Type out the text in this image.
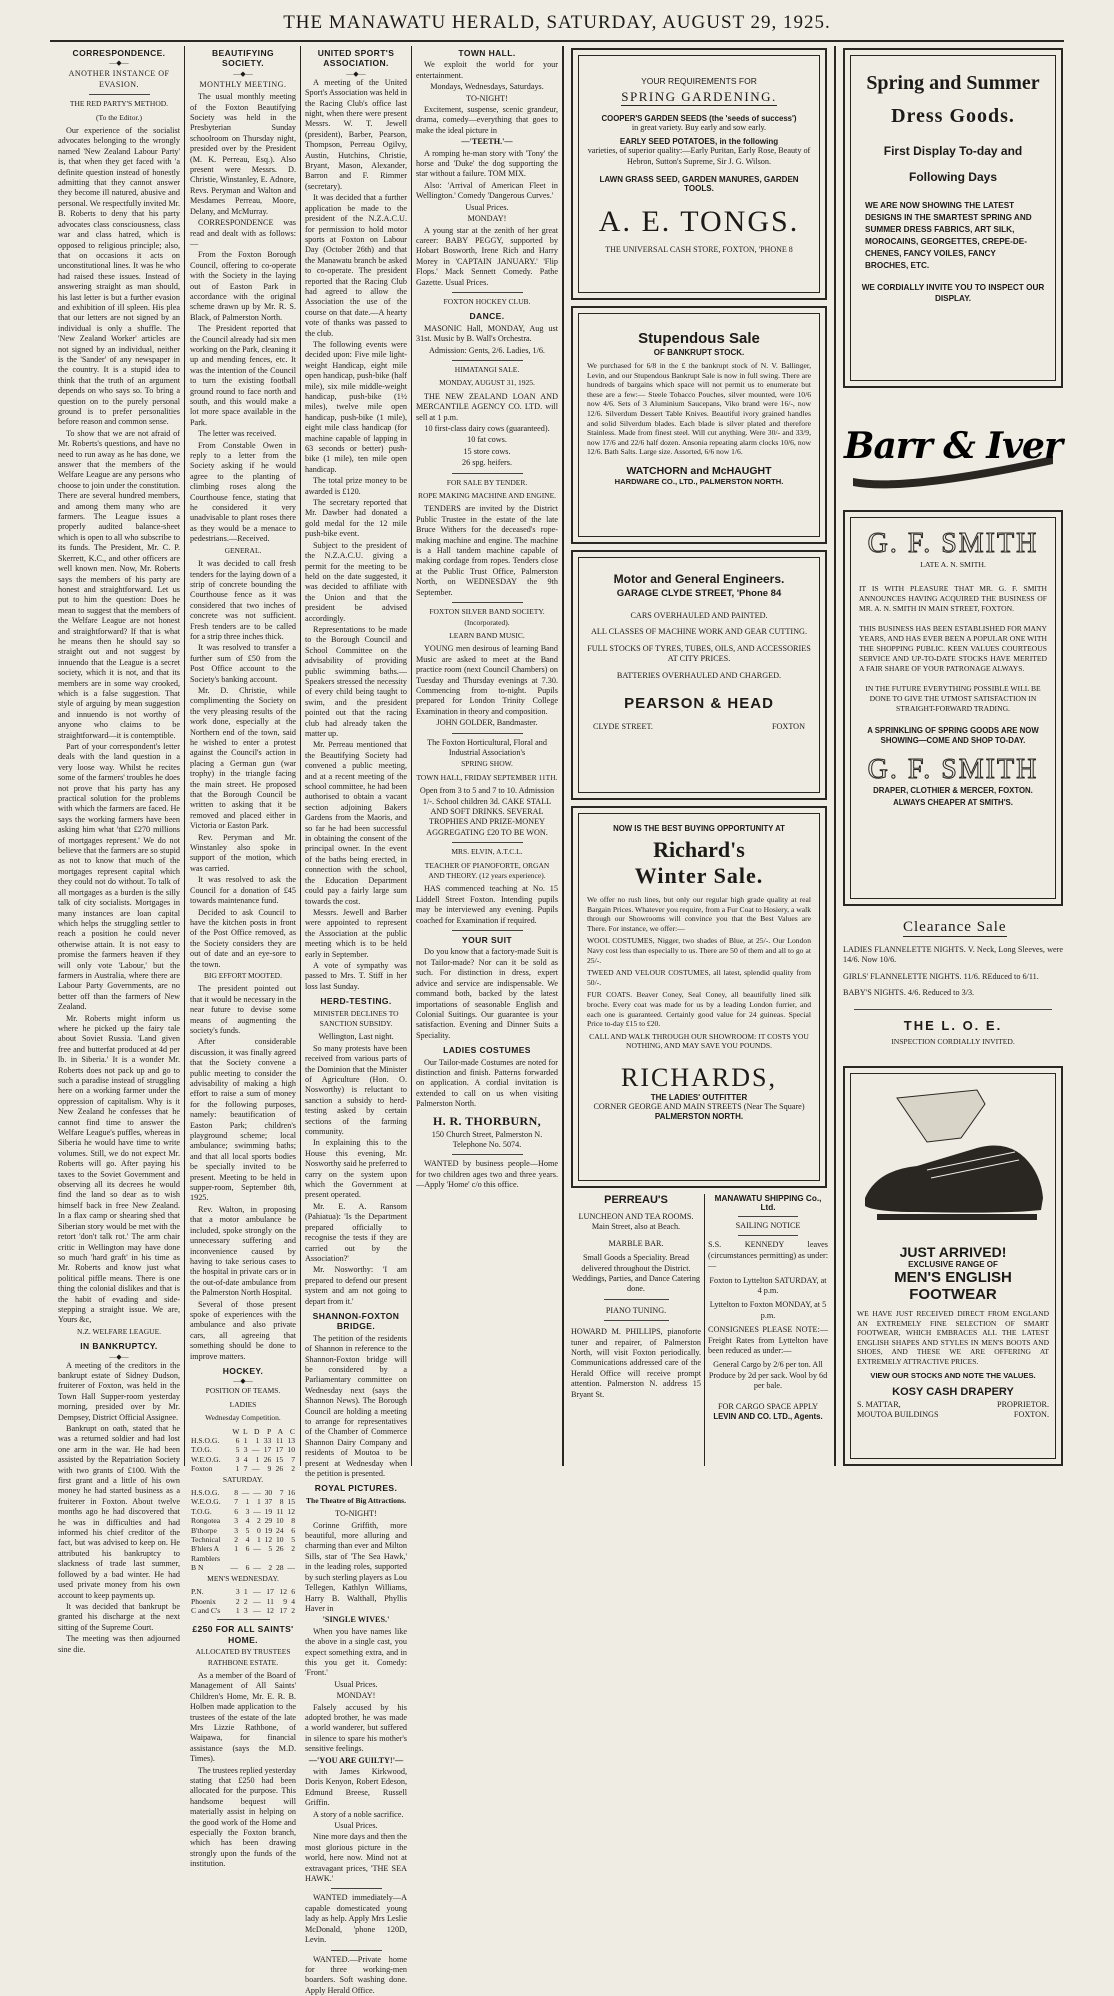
THE MANAWATU HERALD, SATURDAY, AUGUST 29, 1925.
CORRESPONDENCE.
—◆—
ANOTHER INSTANCE OF EVASION.
THE RED PARTY'S METHOD.
(To the Editor.)

Our experience of the socialist advocates belonging to the wrongly named 'New Zealand Labour Party' is, that when they get faced with 'a definite question instead of honestly admitting that they cannot answer they become ill natured, abusive and personal. We respectfully invited Mr. B. Roberts to deny that his party advocates class consciousness, class war and class hatred, which is opposed to religious principle; also, that on occasions it acts on unconstitutional lines. It was he who had raised these issues. Instead of answering straight as man should, his last letter is but a further evasion and exhibition of ill spleen. His plea that our letters are not signed by an individual is only a shuffle. The 'New Zealand Worker' articles are not signed by an individual, neither is the 'Sander' of any newspaper in the country. It is a stupid idea to think that the truth of an argument depends on who says so. To bring a question on to the purely personal ground is to prefer personalities before reason and common sense.

To show that we are not afraid of Mr. Roberts's questions, and have no need to run away as he has done, we answer that the members of the Welfare League are any persons who choose to join under the constitution. There are several hundred members, and among them many who are farmers. The League issues a properly audited balance-sheet which is open to all who subscribe to its funds. The President, Mr. C. P. Skerrett, K.C., and other officers are well known men. Now, Mr. Roberts says the members of his party are honest and straightforward. Let us put to him the question: Does he mean to suggest that the members of the Welfare League are not honest and straightforward? If that is what he means then he should say so straight out and not suggest by innuendo that the League is a secret society, which it is not, and that its members are in some way crooked, which is a false suggestion. That style of arguing by mean suggestion and innuendo is not worthy of anyone who claims to be straightforward—it is contemptible.

Part of your correspondent's letter deals with the land question in a very loose way. Whilst he recites some of the farmers' troubles he does not prove that his party has any practical solution for the problems with which the farmers are faced. He says the working farmers have been asking him what 'that £270 millions of mortgages represent.' We do not believe that the farmers are so stupid as not to know that much of the mortgages represent capital which they could not do without. To talk of all mortgages as a burden is the silly talk of city socialists. Mortgages in many instances are loan capital which helps the struggling settler to reach a position he could never otherwise attain. It is not easy to promise the farmers heaven if they will only vote 'Labour,' but the farmers in Australia, where there are Labour Party Governments, are no better off than the farmers of New Zealand.

Mr. Roberts might inform us where he picked up the fairy tale about Soviet Russia. 'Land given free and butterfat produced at 4d per lb. in Siberia.' It is a wonder Mr. Roberts does not pack up and go to such a paradise instead of struggling here on a working farmer under the oppression of capitalism. Why is it New Zealand he confesses that he cannot find time to answer the Welfare League's puffles, whereas in Siberia he would have time to write volumes. Still, we do not expect Mr. Roberts will go. After paying his taxes to the Soviet Government and observing all its decrees he would find the land so dear as to wish himself back in free New Zealand. In a flax camp or shearing shed that Siberian story would be met with the retort 'don't talk rot.' The arm chair critic in Wellington may have done so much 'hard graft' in his time as Mr. Roberts and know just what political piffle means. There is one thing the colonial dislikes and that is the habit of evading and side-stepping a straight issue. We are, Yours &c,

N.Z. WELFARE LEAGUE.
IN BANKRUPTCY.
—◆—

A meeting of the creditors in the bankrupt estate of Sidney Dudson, fruiterer of Foxton, was held in the Town Hall Supper-room yesterday morning, presided over by Mr. Dempsey, District Official Assignee.

Bankrupt on oath, stated that he was a returned soldier and had lost one arm in the war. He had been assisted by the Repatriation Society with two grants of £100. With the first grant and a little of his own money he had started business as a fruiterer in Foxton. About twelve months ago he had discovered that he was in difficulties and had informed his chief creditor of the fact, but was advised to keep on. He attributed his bankruptcy to slackness of trade last summer, followed by a bad winter. He had used private money from his own account to keep payments up.

It was decided that bankrupt be granted his discharge at the next sitting of the Supreme Court.

The meeting was then adjourned sine die.

BEAUTIFYING SOCIETY.
—◆—
MONTHLY MEETING.

The usual monthly meeting of the Foxton Beautifying Society was held in the Presbyterian Sunday schoolroom on Thursday night, presided over by the President (M. K. Perreau, Esq.). Also present were Messrs. D. Christie, Winstanley, E. Adnore, Revs. Peryman and Walton and Mesdames Perreau, Moore, Delany, and McMurray.

CORRESPONDENCE was read and dealt with as follows:—

From the Foxton Borough Council, offering to co-operate with the Society in the laying out of Easton Park in accordance with the original scheme drawn up by Mr. R. S. Black, of Palmerston North.

The President reported that the Council already had six men working on the Park, cleaning it up and mending fences, etc. It was the intention of the Council to turn the existing football ground round to face north and south, and this would make a lot more space available in the Park.

The letter was received.

From Constable Owen in reply to a letter from the Society asking if he would agree to the planting of climbing roses along the Courthouse fence, stating that he considered it very unadvisable to plant roses there as they would be a menace to pedestrians.—Received.

GENERAL.

It was decided to call fresh tenders for the laying down of a strip of concrete bounding the Courthouse fence as it was considered that two inches of concrete was not sufficient. Fresh tenders are to be called for a strip three inches thick.

It was resolved to transfer a further sum of £50 from the Post Office account to the Society's banking account.

Mr. D. Christie, while complimenting the Society on the very pleasing results of the work done, especially at the Northern end of the town, said he wished to enter a protest against the Council's action in placing a German gun (war trophy) in the triangle facing the main street. He proposed that the Borough Council be written to asking that it be removed and placed either in Victoria or Easton Park.

Rev. Peryman and Mr. Winstanley also spoke in support of the motion, which was carried.

It was resolved to ask the Council for a donation of £45 towards maintenance fund.

Decided to ask Council to have the kitchen posts in front of the Post Office removed, as the Society considers they are out of date and an eye-sore to the town.

BIG EFFORT MOOTED.

The president pointed out that it would be necessary in the near future to devise some means of augmenting the society's funds.

After considerable discussion, it was finally agreed that the Society convene a public meeting to consider the advisability of making a high effort to raise a sum of money for the following purposes, namely: beautification of Easton Park; children's playground scheme; local ambulance; swimming baths; and that all local sports bodies be specially invited to be present. Meeting to be held in supper-room, September 8th, 1925.

Rev. Walton, in proposing that a motor ambulance be included, spoke strongly on the unnecessary suffering and inconvenience caused by having to take serious cases to the hospital in private cars or in the out-of-date ambulance from the Palmerston North Hospital.

Several of those present spoke of experiences with the ambulance and also private cars, all agreeing that something should be done to improve matters.

HOCKEY.
—◆—
POSITION OF TEAMS.
LADIES
Wednesday Competition.
	W	L	D	P	A	C
H.S.O.G.	6	1	1	33	11	13
T.O.G.	5	3	—	17	17	10
W.E.O.G.	3	4	1	26	15	7
Foxton	1	7	—	9	26	2
SATURDAY.
H.S.O.G.	8	—	—	30	7	16
W.E.O.G.	7	1	1	37	8	15
T.O.G.	6	3	—	19	11	12
Rongotea	3	4	2	29	10	8
B'thorpe	3	5	0	19	24	6
Technical	2	4	1	12	10	5
B'hlers A	1	6	—	5	26	2
Ramblers						
B N	—	6	—	2	28	—
MEN'S WEDNESDAY.
P.N.	3	1	—	17	12	6
Phoenix	2	2	—	11	9	4
C and C's	1	3	—	12	17	2
£250 FOR ALL SAINTS' HOME.
ALLOCATED BY TRUSTEES RATHBONE ESTATE.

As a member of the Board of Management of All Saints' Children's Home, Mr. E. R. B. Holben made application to the trustees of the estate of the late Mrs Lizzie Rathbone, of Waipawa, for financial assistance (says the M.D. Times).

The trustees replied yesterday stating that £250 had been allocated for the purpose. This handsome bequest will materially assist in helping on the good work of the Home and especially the Foxton branch, which has been drawing strongly upon the funds of the institution.

UNITED SPORT'S ASSOCIATION.
—◆—

A meeting of the United Sport's Association was held in the Racing Club's office last night, when there were present Messrs. W. T. Jewell (president), Barber, Pearson, Thompson, Perreau Ogilvy, Austin, Hutchins, Christie, Bryant, Mason, Alexander, Barron and F. Rimmer (secretary).

It was decided that a further application be made to the president of the N.Z.A.C.U. for permission to hold motor sports at Foxton on Labour Day (October 26th) and that the Manawatu branch be asked to co-operate. The president reported that the Racing Club had agreed to allow the Association the use of the course on that date.—A hearty vote of thanks was passed to the club.

The following events were decided upon: Five mile light-weight Handicap, eight mile open handicap, push-bike (half mile), six mile middle-weight handicap, push-bike (1½ miles), twelve mile open handicap, push-bike (1 mile), eight mile class handicap (for machine capable of lapping in 63 seconds or better) push-bike (1 mile), ten mile open handicap.

The total prize money to be awarded is £120.

The secretary reported that Mr. Dawber had donated a gold medal for the 12 mile push-bike event.

Subject to the president of the N.Z.A.C.U. giving a permit for the meeting to be held on the date suggested, it was decided to affiliate with the Union and that the president be advised accordingly.

Representations to be made to the Borough Council and School Committee on the advisability of providing public swimming baths.—Speakers stressed the necessity of every child being taught to swim, and the president pointed out that the racing club had already taken the matter up.

Mr. Perreau mentioned that the Beautifying Society had convened a public meeting, and at a recent meeting of the school committee, he had been authorised to obtain a vacant section adjoining Bakers Gardens from the Maoris, and so far he had been successful in obtaining the consent of the principal owner. In the event of the baths being erected, in connection with the school, the Education Department could pay a fairly large sum towards the cost.

Messrs. Jewell and Barber were appointed to represent the Association at the public meeting which is to be held early in September.

A vote of sympathy was passed to Mrs. T. Stiff in her loss last Sunday.

HERD-TESTING.
MINISTER DECLINES TO SANCTION SUBSIDY.

Wellington, Last night.

So many protests have been received from various parts of the Dominion that the Minister of Agriculture (Hon. O. Nosworthy) is reluctant to sanction a subsidy to herd-testing asked by certain sections of the farming community.

In explaining this to the House this evening, Mr. Nosworthy said he preferred to carry on the system upon which the Government at present operated.

Mr. E. A. Ransom (Pahiatua): 'Is the Department prepared officially to recognise the tests if they are carried out by the Association?'

Mr. Nosworthy: 'I am prepared to defend our present system and am not going to depart from it.'

SHANNON-FOXTON BRIDGE.

The petition of the residents of Shannon in reference to the Shannon-Foxton bridge will be considered by a Parliamentary committee on Wednesday next (says the Shannon News). The Borough Council are holding a meeting to arrange for representatives of the Chamber of Commerce Shannon Dairy Company and residents of Moutoa to be present at Wednesday when the petition is presented.

ROYAL PICTURES.
The Theatre of Big Attractions.

TO-NIGHT!

Corinne Griffith, more beautiful, more alluring and charming than ever and Milton Sills, star of 'The Sea Hawk,' in the leading roles, supported by such sterling players as Lou Tellegen, Kathlyn Williams, Harry B. Walthall, Phyllis Haver in

'SINGLE WIVES.'

When you have names like the above in a single cast, you expect something extra, and in this you get it. Comedy: 'Front.'

Usual Prices.

MONDAY!

Falsely accused by his adopted brother, he was made a world wanderer, but suffered in silence to spare his mother's sensitive feelings.

—'YOU ARE GUILTY!'—

with James Kirkwood, Doris Kenyon, Robert Edeson, Edmund Breese, Russell Griffin.

A story of a noble sacrifice.

Usual Prices.

Nine more days and then the most glorious picture in the world, here now. Mind not at extravagant prices, 'THE SEA HAWK.'

WANTED immediately—A capable domesticated young lady as help. Apply Mrs Leslie McDonald, 'phone 120D, Levin.

WANTED.—Private home for three working-men boarders. Soft washing done. Apply Herald Office.

TOWN HALL.

We exploit the world for your entertainment.

Mondays, Wednesdays, Saturdays.

TO-NIGHT!

Excitement, suspense, scenic grandeur, drama, comedy—everything that goes to make the ideal picture in

—'TEETH.'—

A romping he-man story with 'Tony' the horse and 'Duke' the dog supporting the star without a failure. TOM MIX.

Also: 'Arrival of American Fleet in Wellington.' Comedy 'Dangerous Curves.'

Usual Prices.

MONDAY!

A young star at the zenith of her great career: BABY PEGGY, supported by Hobart Bosworth, Irene Rich and Harry Morey in 'CAPTAIN JANUARY.' 'Flip Flops.' Mack Sennett Comedy. Pathe Gazette. Usual Prices.

FOXTON HOCKEY CLUB.
DANCE.

MASONIC Hall, MONDAY, Aug ust 31st. Music by B. Wall's Orchestra.

Admission: Gents, 2/6. Ladies, 1/6.

HIMATANGI SALE.
MONDAY, AUGUST 31, 1925.

THE NEW ZEALAND LOAN AND MERCANTILE AGENCY CO. LTD. will sell at 1 p.m.

10 first-class dairy cows (guaranteed).

10 fat cows.

15 store cows.

26 spg. heifers.

FOR SALE BY TENDER.
ROPE MAKING MACHINE AND ENGINE.

TENDERS are invited by the District Public Trustee in the estate of the late Bruce Withers for the deceased's rope-making machine and engine. The machine is a Hall tandem machine capable of making cordage from ropes. Tenders close at the Public Trust Office, Palmerston North, on WEDNESDAY the 9th September.

FOXTON SILVER BAND SOCIETY. (Incorporated).
LEARN BAND MUSIC.

YOUNG men desirous of learning Band Music are asked to meet at the Band practice room (next Council Chambers) on Tuesday and Thursday evenings at 7.30. Commencing from to-night. Pupils prepared for London Trinity College Examination in theory and composition.

JOHN GOLDER, Bandmaster.

The Foxton Horticultural, Floral and Industrial Association's

SPRING SHOW.
TOWN HALL, FRIDAY SEPTEMBER 11TH.

Open from 3 to 5 and 7 to 10. Admission 1/-. School children 3d. CAKE STALL AND SOFT DRINKS. SEVERAL TROPHIES AND PRIZE-MONEY AGGREGATING £20 TO BE WON.

MRS. ELVIN, A.T.C.L.
TEACHER OF PIANOFORTE, ORGAN AND THEORY. (12 years experience).

HAS commenced teaching at No. 15 Liddell Street Foxton. Intending pupils may be interviewed any evening. Pupils coached for Examination if required.

YOUR SUIT

Do you know that a factory-made Suit is not Tailor-made? Nor can it be sold as such. For distinction in dress, expert advice and service are indispensable. We command both, backed by the latest importations of seasonable English and Colonial Suitings. Our guarantee is your satisfaction. Evening and Dinner Suits a Speciality.

LADIES COSTUMES

Our Tailor-made Costumes are noted for distinction and finish. Patterns forwarded on application. A cordial invitation is extended to call on us when visiting Palmerston North.

H. R. THORBURN,

150 Church Street, Palmerston N. Telephone No. 5074.

WANTED by business people—Home for two children ages two and three years.—Apply 'Home' c/o this office.

YOUR REQUIREMENTS FOR
SPRING GARDENING.
COOPER'S GARDEN SEEDS (the 'seeds of success')
in great variety. Buy early and sow early.
EARLY SEED POTATOES, in the following
varieties, of superior quality:—Early Puritan, Early Rose, Beauty of Hebron, Sutton's Supreme, Sir J. G. Wilson.
LAWN GRASS SEED, GARDEN MANURES, GARDEN TOOLS.
A. E. TONGS.
THE UNIVERSAL CASH STORE, FOXTON, 'PHONE 8
Stupendous Sale
OF BANKRUPT STOCK.
We purchased for 6/8 in the £ the bankrupt stock of N. V. Ballinger, Levin, and our Stupendous Bankrupt Sale is now in full swing. There are hundreds of bargains which space will not permit us to enumerate but these are a few:— Steele Tobacco Pouches, silver mounted, were 10/6 now 4/6. Sets of 3 Aluminium Saucepans, Viko brand were 16/-, now 12/6. Silverdum Dessert Table Knives. Beautiful ivory grained handles and solid Silverdum blades. Each blade is silver plated and therefore Stainless. Made from finest steel. Will cut anything. Were 30/- and 33/9, now 17/6 and 22/6 half dozen. Ansonia repeating alarm clocks 10/6, now 12/6. Bath Salts. Large size. Assorted, 6/6 now 1/6.
WATCHORN and McHAUGHT
HARDWARE CO., LTD., PALMERSTON NORTH.
Motor and General Engineers.
GARAGE CLYDE STREET, 'Phone 84
CARS OVERHAULED AND PAINTED.
ALL CLASSES OF MACHINE WORK AND GEAR CUTTING.
FULL STOCKS OF TYRES, TUBES, OILS, AND ACCESSORIES AT CITY PRICES.
BATTERIES OVERHAULED AND CHARGED.
PEARSON & HEAD
CLYDE STREET.	FOXTON
NOW IS THE BEST BUYING OPPORTUNITY AT
Richard's
Winter Sale.
We offer no rush lines, but only our regular high grade quality at real Bargain Prices. Whatever you require, from a Fur Coat to Hosiery, a walk through our Showrooms will convince you that the Best Values are There. For instance, we offer:—
WOOL COSTUMES, Nigger, two shades of Blue, at 25/-. Our London Navy cost less than especially to us. There are 50 of them and all to go at 25/-.
TWEED AND VELOUR COSTUMES, all latest, splendid quality from 50/-.
FUR COATS. Beaver Coney, Seal Coney, all beautifully lined silk broche. Every coat was made for us by a leading London furrier, and each one is guaranteed. Certainly good value for 24 guineas. Special Price to-day £15 to £20.
CALL AND WALK THROUGH OUR SHOWROOM: IT COSTS YOU NOTHING, AND MAY SAVE YOU POUNDS.
RICHARDS,
THE LADIES' OUTFITTER
CORNER GEORGE AND MAIN STREETS (Near The Square)
PALMERSTON NORTH.
PERREAU'S
LUNCHEON AND TEA ROOMS.
Main Street, also at Beach.
MARBLE BAR.
Small Goods a Speciality. Bread delivered throughout the District. Weddings, Parties, and Dance Catering done.
PIANO TUNING.
HOWARD M. PHILLIPS, pianoforte tuner and repairer, of Palmerston North, will visit Foxton periodically. Communications addressed care of the Herald Office will receive prompt attention. Palmerston N. address 15 Bryant St.
MANAWATU SHIPPING Co., Ltd.
SAILING NOTICE
S.S. KENNEDY leaves (circumstances permitting) as under:—
Foxton to Lyttelton SATURDAY, at 4 p.m.
Lyttelton to Foxton MONDAY, at 5 p.m.
CONSIGNEES PLEASE NOTE:— Freight Rates from Lyttelton have been reduced as under:—
General Cargo by 2/6 per ton. All Produce by 2d per sack. Wool by 6d per bale.
FOR CARGO SPACE APPLY
LEVIN AND CO. LTD., Agents.
Spring and Summer
Dress Goods.
First Display To-day and
Following Days
WE ARE NOW SHOWING THE LATEST DESIGNS IN THE SMARTEST SPRING AND SUMMER DRESS FABRICS, ART SILK, MOROCAINS, GEORGETTES, CREPE-DE-CHENES, FANCY VOILES, FANCY BROCHES, ETC.
WE CORDIALLY INVITE YOU TO INSPECT OUR DISPLAY.
Barr & Iver
G. F. SMITH
LATE A. N. SMITH.
IT IS WITH PLEASURE THAT MR. G. F. SMITH ANNOUNCES HAVING ACQUIRED THE BUSINESS OF MR. A. N. SMITH IN MAIN STREET, FOXTON.
THIS BUSINESS HAS BEEN ESTABLISHED FOR MANY YEARS, AND HAS EVER BEEN A POPULAR ONE WITH THE SHOPPING PUBLIC. KEEN VALUES COURTEOUS SERVICE AND UP-TO-DATE STOCKS HAVE MERITED A FAIR SHARE OF YOUR PATRONAGE ALWAYS.
IN THE FUTURE EVERYTHING POSSIBLE WILL BE DONE TO GIVE THE UTMOST SATISFACTION IN STRAIGHT-FORWARD TRADING.
A SPRINKLING OF SPRING GOODS ARE NOW SHOWING—COME AND SHOP TO-DAY.
G. F. SMITH
DRAPER, CLOTHIER & MERCER, FOXTON.
ALWAYS CHEAPER AT SMITH'S.
Clearance Sale
LADIES FLANNELETTE NIGHTS. V. Neck, Long Sleeves, were 14/6. Now 10/6.
GIRLS' FLANNELETTE NIGHTS. 11/6. REduced to 6/11.
BABY'S NIGHTS. 4/6. Reduced to 3/3.
THE L. O. E.
INSPECTION CORDIALLY INVITED.
JUST ARRIVED!
EXCLUSIVE RANGE OF
MEN'S ENGLISH
FOOTWEAR
WE HAVE JUST RECEIVED DIRECT FROM ENGLAND AN EXTREMELY FINE SELECTION OF SMART FOOTWEAR, WHICH EMBRACES ALL THE LATEST ENGLISH SHAPES AND STYLES IN MEN'S BOOTS AND SHOES, AND THESE WE ARE OFFERING AT EXTREMELY ATTRACTIVE PRICES.
VIEW OUR STOCKS AND NOTE THE VALUES.
KOSY CASH DRAPERY
S. MATTAR,	PROPRIETOR.
MOUTOA BUILDINGS	FOXTON.
